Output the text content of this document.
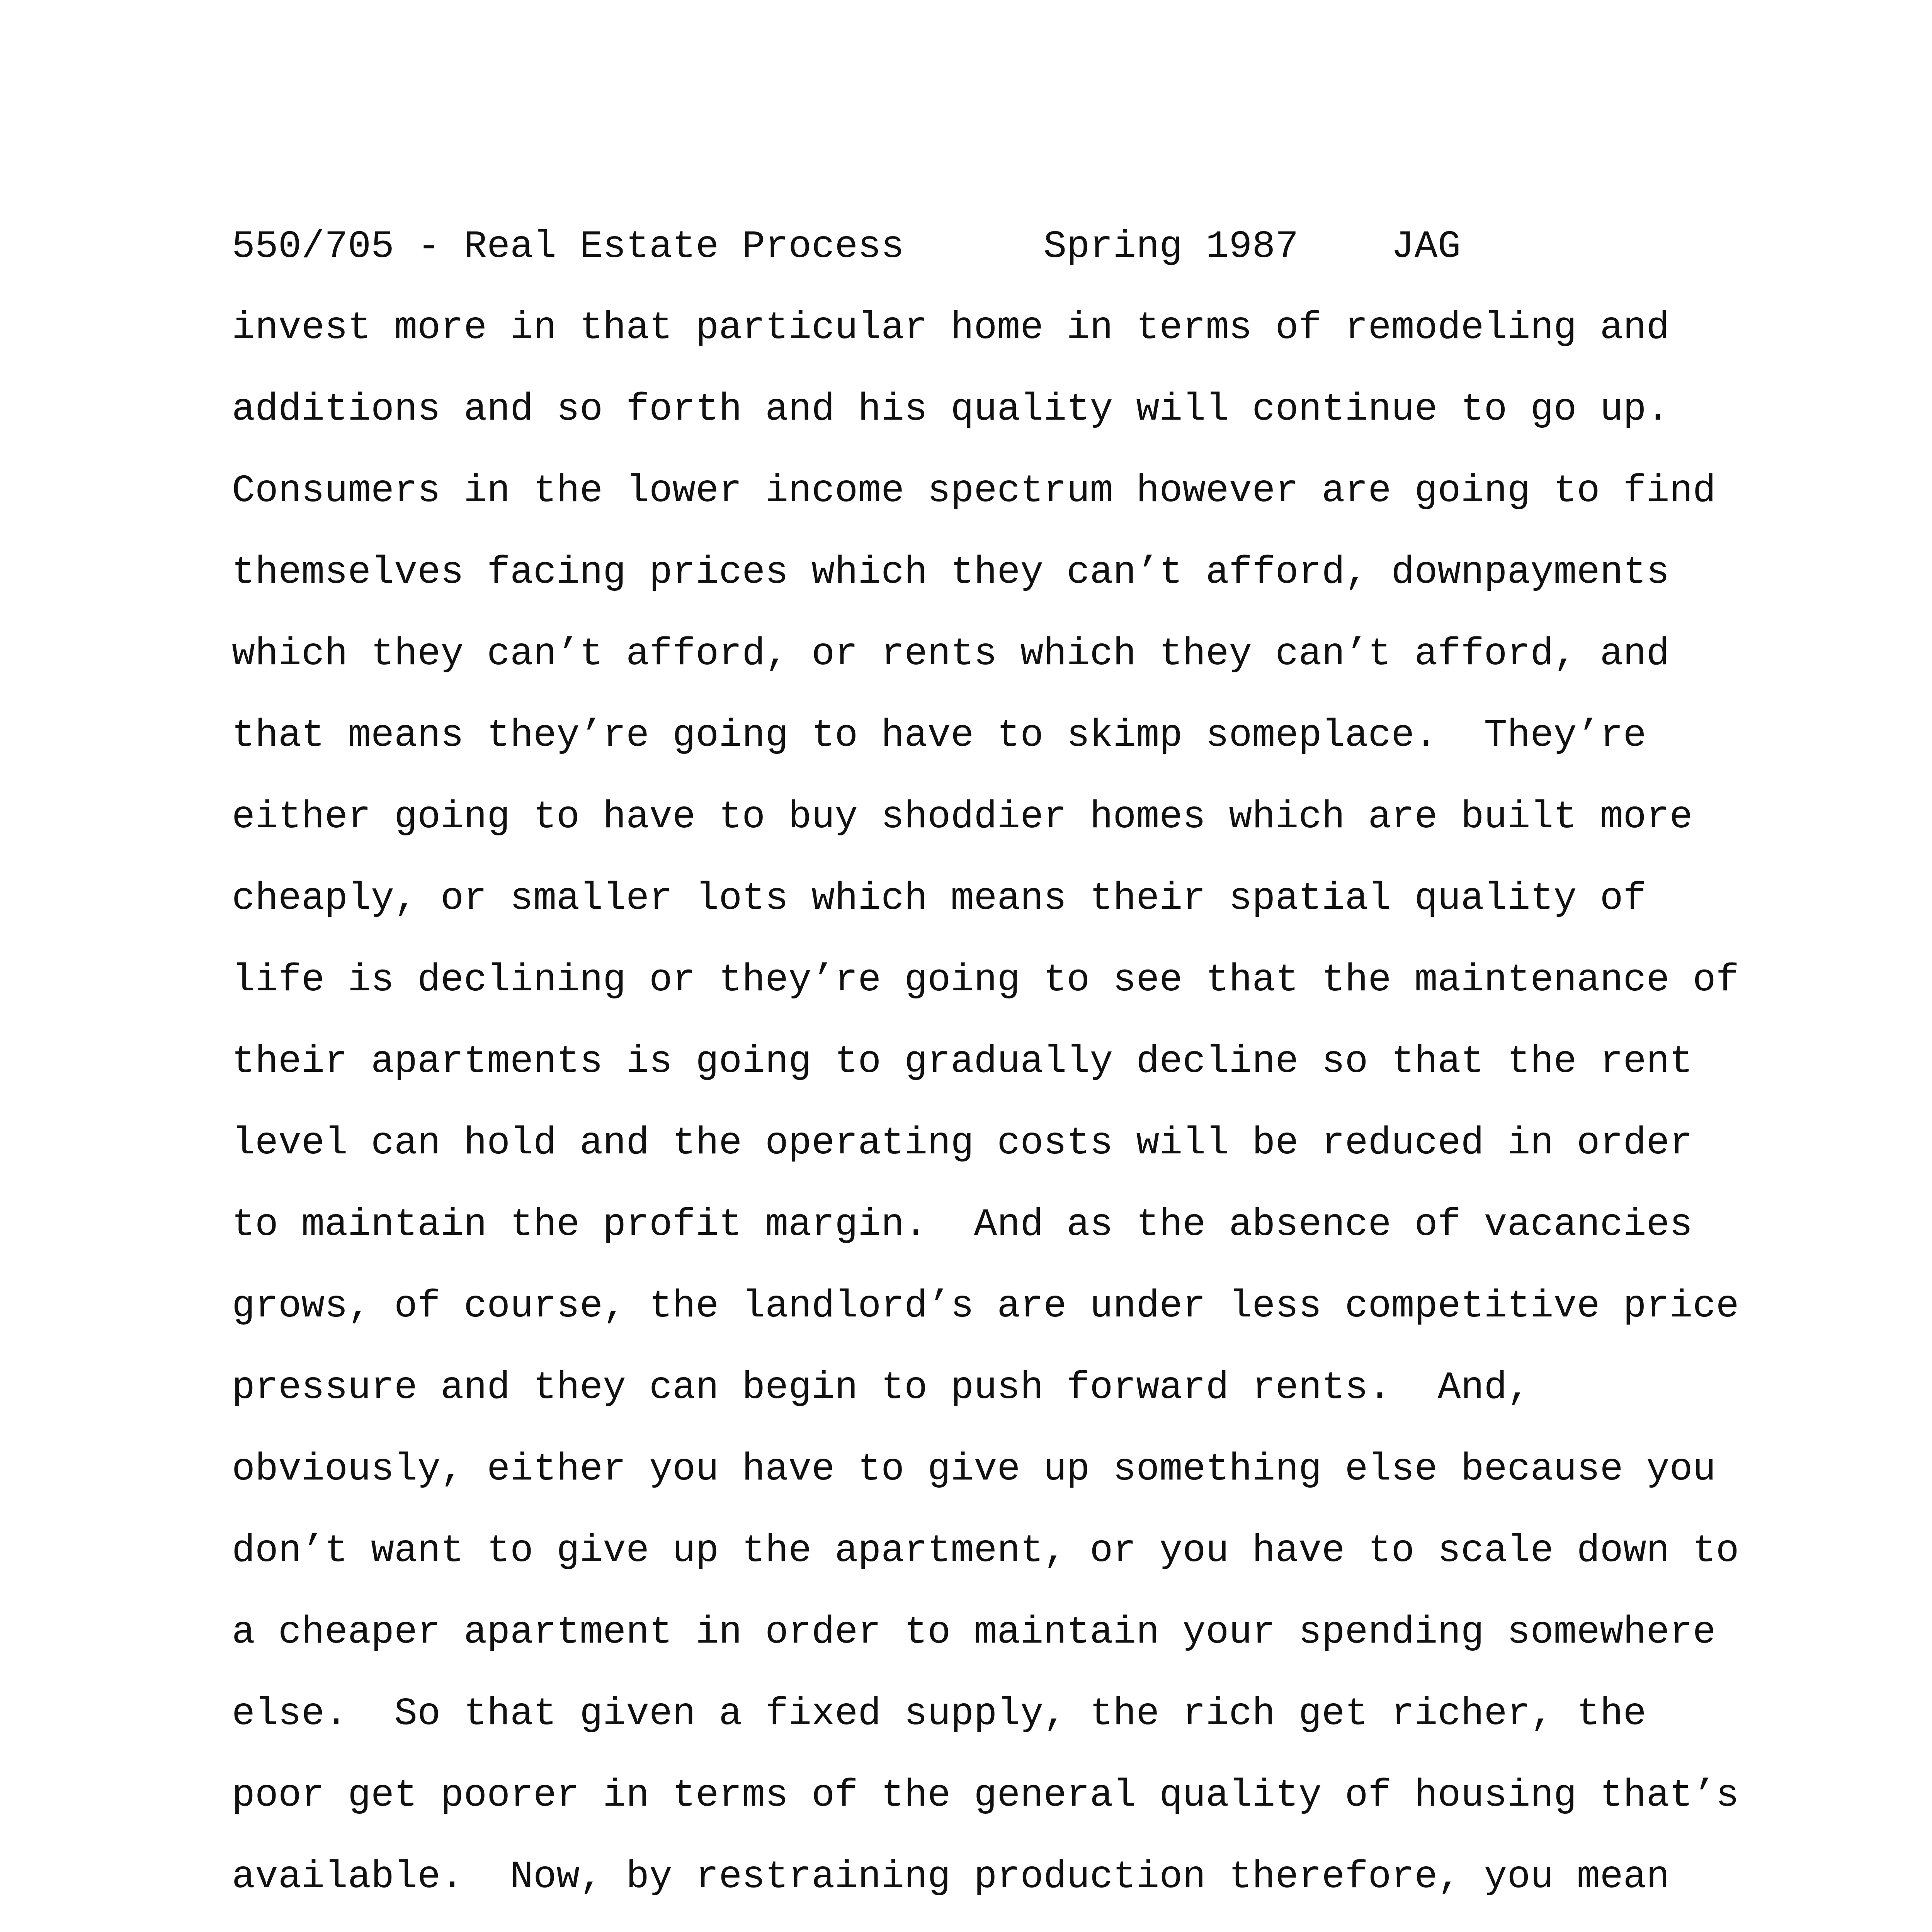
550/705 - Real Estate Process      Spring 1987    JAG
invest more in that particular home in terms of remodeling and
additions and so forth and his quality will continue to go up.
Consumers in the lower income spectrum however are going to find
themselves facing prices which they can’t afford, downpayments
which they can’t afford, or rents which they can’t afford, and
that means they’re going to have to skimp someplace.  They’re
either going to have to buy shoddier homes which are built more
cheaply, or smaller lots which means their spatial quality of
life is declining or they’re going to see that the maintenance of
their apartments is going to gradually decline so that the rent
level can hold and the operating costs will be reduced in order
to maintain the profit margin.  And as the absence of vacancies
grows, of course, the landlord’s are under less competitive price
pressure and they can begin to push forward rents.  And,
obviously, either you have to give up something else because you
don’t want to give up the apartment, or you have to scale down to
a cheaper apartment in order to maintain your spending somewhere
else.  So that given a fixed supply, the rich get richer, the
poor get poorer in terms of the general quality of housing that’s
available.  Now, by restraining production therefore, you mean
